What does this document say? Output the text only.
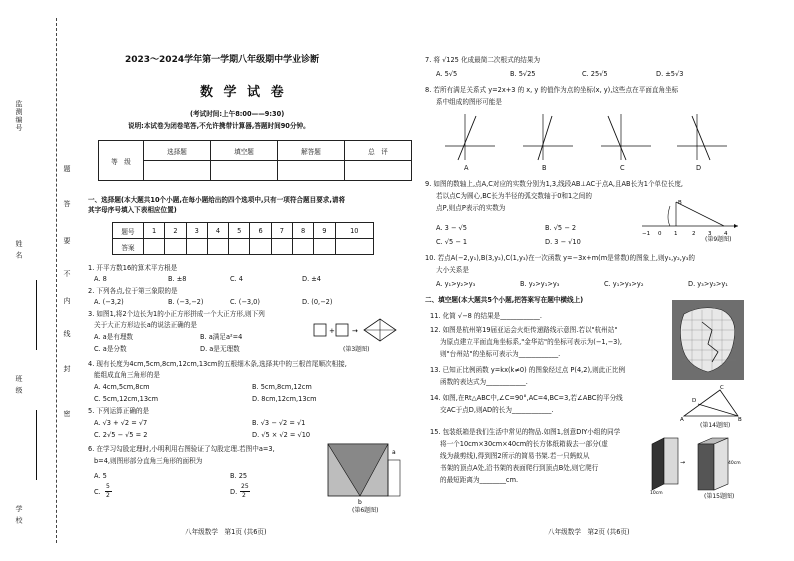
监测编号
题
答
要
不
内
线
封
密
姓 名
班 级
学 校
2023～2024学年第一学期八年级期中学业诊断
数 学 试 卷
(考试时间:上午8:00——9:30)
说明:本试卷为闭卷笔答,不允许携带计算器,答题时间90分钟。
等　级	选择题	填空题	解答题	总　评

一、选择题(本大题共10个小题,在每小题给出的四个选项中,只有一项符合题目要求,请将
其字母序号填入下表相应位置)
题号	1	2	3	4	5	6	7	8	9	10
答案										
1. 开平方数16的算术平方根是
A. 8	B. ±8	C. 4	D. ±4
2. 下列各点,位于第三象限的是
A. (−3,2)	B. (−3,−2)	C. (−3,0)	D. (0,−2)
3. 如图1,将2个边长为1的小正方形拼成一个大正方形,则下列
关于大正方形边长a的说法正确的是
A. a是有理数	B. a满足a²=4
C. a是分数	D. a是无理数
+ →
(第3题图)
4. 现有长度为4cm,5cm,8cm,12cm,13cm的五根细木条,选择其中的三根首尾顺次相接,
能组成直角三角形的是
A. 4cm,5cm,8cm	B. 5cm,8cm,12cm
C. 5cm,12cm,13cm	D. 8cm,12cm,13cm
5. 下列运算正确的是
A. √3 + √2 = √7	B. √3 − √2 = √1
C. 2√5 − √5 = 2	D. √5 × √2 = √10
6. 在学习勾股定理时,小明利用右图验证了勾股定理.若图中a=3,
b=4,则图形部分直角三角形的面积为
A. 5	B. 25
C.
5
2	D.
25
2
a
b
(第6题图)
八年级数学　第1页 (共6页)
7. 将 √125 化成最简二次根式的结果为
A. 5√5	B. 5√25	C. 25√5	D. ±5√3
8. 若所有满足关系式 y=2x+3 的 x, y 的值作为点的坐标(x, y),这些点在平面直角坐标
系中组成的图形可能是
A	B	C	D
9. 如图的数轴上,点A,C对应的实数分别为1,3,线段AB⊥AC于点A,且AB长为1个单位长度,
若以点C为圆心,BC长为半径的弧交数轴于0和1之间的
点P,则点P表示的实数为
A. 3 − √5	B. √5 − 2
C. √5 − 1	D. 3 − √10
−1 0 1	2 3 4
B
(第9题图)
10. 若点A(−2,y₁),B(3,y₂),C(1,y₃)在一次函数 y=−3x+m(m是常数)的图象上,则y₁,y₂,y₃的
大小关系是
A. y₁>y₂>y₃	B. y₂>y₁>y₃	C. y₁>y₃>y₂	D. y₃>y₂>y₁
二、填空题(本大题共5个小题,把答案写在题中横线上)
11. 化简 √−8 的结果是____________.
12. 如图是杭州第19届亚运会火炬传递路线示意图.若以"杭州站"
为原点建立平面直角坐标系,"金华站"的坐标可表示为(−1,−3),
则"台州站"的坐标可表示为____________.
13. 已知正比例函数 y=kx(k≠0) 的图象经过点 P(4,2),则此正比例
函数的表达式为____________.
14. 如图,在Rt△ABC中,∠C=90°,AC=4,BC=3,若∠ABC的平分线
交AC于点D,则AD的长为____________.
A	B
C
D
(第14题图)
15. 包装纸箱是我们生活中常见的物品.如图1,创意DIY小组的同学
将一个10cm×30cm×40cm的长方体纸箱裁去一部分(虚
线为裁剪线),得到图2所示的简易书架.若一只蚂蚁从
书架的顶点A处,沿书架的表面爬行到顶点B处,则它爬行
的最短距离为________cm.
→
10cm
40cm
(第15题图)
八年级数学　第2页 (共6页)
